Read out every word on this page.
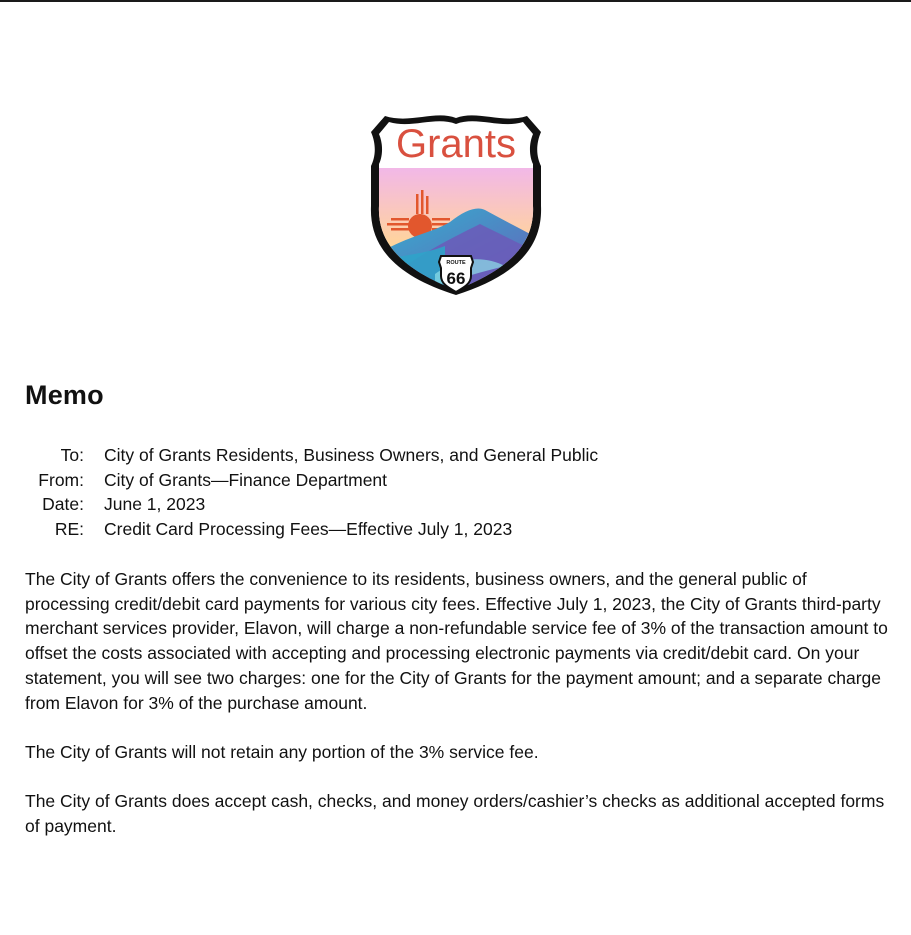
Grants
ROUTE
66
Memo
To: City of Grants Residents, Business Owners, and General Public
From: City of Grants—Finance Department
Date: June 1, 2023
RE: Credit Card Processing Fees—Effective July 1, 2023

The City of Grants offers the convenience to its residents, business owners, and the general public of processing credit/debit card payments for various city fees. Effective July 1, 2023, the City of Grants third-party merchant services provider, Elavon, will charge a non-refundable service fee of 3% of the transaction amount to offset the costs associated with accepting and processing electronic payments via credit/debit card. On your statement, you will see two charges: one for the City of Grants for the payment amount; and a separate charge from Elavon for 3% of the purchase amount.

The City of Grants will not retain any portion of the 3% service fee.

The City of Grants does accept cash, checks, and money orders/cashier’s checks as additional accepted forms of payment.
